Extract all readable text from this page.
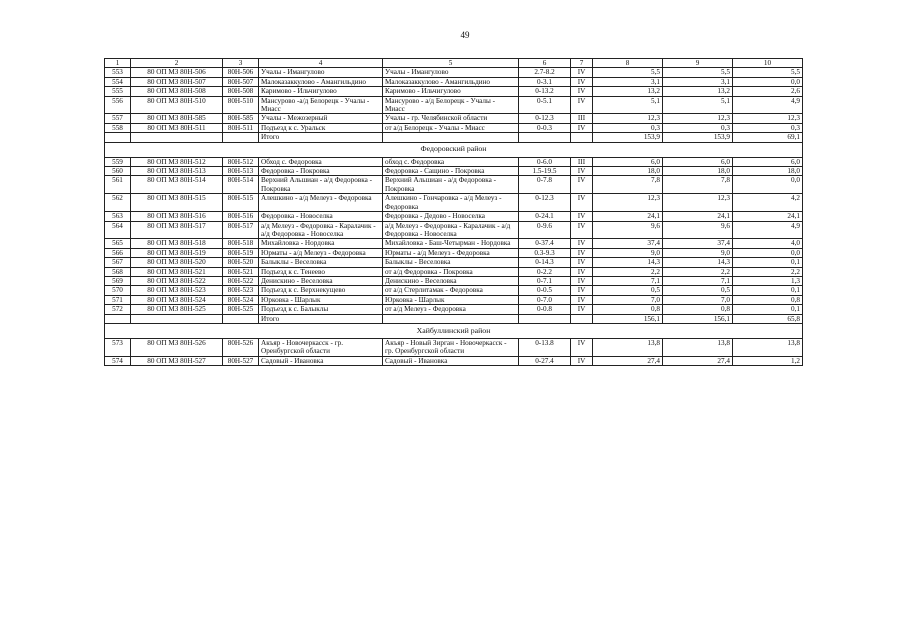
49
1	2	3	4	5	6	7	8	9	10
553	80 ОП МЗ 80Н-506	80Н-506	Учалы - Имангулово	Учалы - Имангулово	2.7-8.2	IV	5,5	5,5	5,5
554	80 ОП МЗ 80Н-507	80Н-507	Малоказаккулово - Амангильдино	Малоказаккулово - Амангильдино	0-3.1	IV	3,1	3,1	0,0
555	80 ОП МЗ 80Н-508	80Н-508	Каримово - Ильчигулово	Каримово - Ильчигулово	0-13.2	IV	13,2	13,2	2,6
556	80 ОП МЗ 80Н-510	80Н-510	Мансурово -а/д Белорецк - Учалы - Миасс	Мансурово - а/д Белорецк - Учалы - Миасс	0-5.1	IV	5,1	5,1	4,9
557	80 ОП МЗ 80Н-585	80Н-585	Учалы - Межозерный	Учалы - гр. Челябинской области	0-12.3	III	12,3	12,3	12,3
558	80 ОП МЗ 80Н-511	80Н-511	Подъезд к с. Уральск	от а/д Белорецк - Учалы - Миасс	0-0.3	IV	0,3	0,3	0,3
			Итого				153,9	153,9	69,1
Федоровский район									
559	80 ОП МЗ 80Н-512	80Н-512	Обход с. Федоровка	обход с. Федоровка	0-6.0	III	6,0	6,0	6,0
560	80 ОП МЗ 80Н-513	80Н-513	Федоровка - Покровка	Федоровка - Сащино - Покровка	1.5-19.5	IV	18,0	18,0	18,0
561	80 ОП МЗ 80Н-514	80Н-514	Верхний Альшиан - а/д Федоровка - Покровка	Верхний Альшиан - а/д Федоровка - Покровка	0-7.8	IV	7,8	7,8	0,0
562	80 ОП МЗ 80Н-515	80Н-515	Алешкино - а/д Мелеуз - Федоровка	Алешкино - Гончаровка - а/д Мелеуз - Федоровка	0-12.3	IV	12,3	12,3	4,2
563	80 ОП МЗ 80Н-516	80Н-516	Федоровка - Новоселка	Федоровка - Дедово - Новоселка	0-24.1	IV	24,1	24,1	24,1
564	80 ОП МЗ 80Н-517	80Н-517	а/д Мелеуз - Федоровка - Каралачик - а/д Федоровка - Новоселка	а/д Мелеуз - Федоровка - Каралачик - а/д Федоровка - Новоселка	0-9.6	IV	9,6	9,6	4,9
565	80 ОП МЗ 80Н-518	80Н-518	Михайловка - Нордовка	Михайловка - Баш-Четырман - Нордовка	0-37.4	IV	37,4	37,4	4,0
566	80 ОП МЗ 80Н-519	80Н-519	Юрматы - а/д Мелеуз - Федоровка	Юрматы - а/д Мелеуз - Федоровка	0.3-9.3	IV	9,0	9,0	0,0
567	80 ОП МЗ 80Н-520	80Н-520	Балыклы - Веселовка	Балыклы - Веселовка	0-14.3	IV	14,3	14,3	0,1
568	80 ОП МЗ 80Н-521	80Н-521	Подъезд к с. Тенеево	от а/д Федоровка - Покровка	0-2.2	IV	2,2	2,2	2,2
569	80 ОП МЗ 80Н-522	80Н-522	Денискино - Веселовка	Денискино - Веселовка	0-7.1	IV	7,1	7,1	1,3
570	80 ОП МЗ 80Н-523	80Н-523	Подъезд к с. Верхнекущево	от а/д Стерлитамак - Федоровка	0-0.5	IV	0,5	0,5	0,1
571	80 ОП МЗ 80Н-524	80Н-524	Юрковка - Шарлык	Юрковка - Шарлык	0-7.0	IV	7,0	7,0	0,8
572	80 ОП МЗ 80Н-525	80Н-525	Подъезд к с. Балыклы	от а/д Мелеуз - Федоровка	0-0.8	IV	0,8	0,8	0,1
			Итого				156,1	156,1	65,8
Хайбуллинский район									
573	80 ОП МЗ 80Н-526	80Н-526	Акъяр - Новочеркасск - гр. Оренбургской области	Акъяр - Новый Зирган - Новочеркасск - гр. Оренбургской области	0-13.8	IV	13,8	13,8	13,8
574	80 ОП МЗ 80Н-527	80Н-527	Садовый - Ивановка	Садовый - Ивановка	0-27.4	IV	27,4	27,4	1,2
